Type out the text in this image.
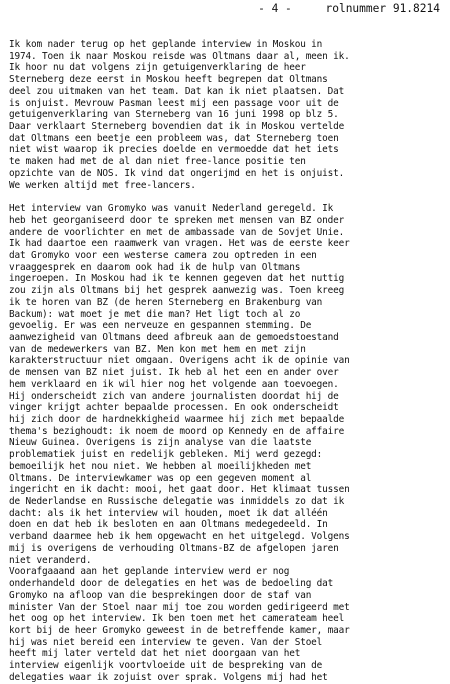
- 4 -	rolnummer 91.8214
Ik kom nader terug op het geplande interview in Moskou in
1974. Toen ik naar Moskou reisde was Oltmans daar al, meen ik.
Ik hoor nu dat volgens zijn getuigenverklaring de heer
Sterneberg deze eerst in Moskou heeft begrepen dat Oltmans
deel zou uitmaken van het team. Dat kan ik niet plaatsen. Dat
is onjuist. Mevrouw Pasman leest mij een passage voor uit de
getuigenverklaring van Sterneberg van 16 juni 1998 op blz 5.
Daar verklaart Sterneberg bovendien dat ik in Moskou vertelde
dat Oltmans een beetje een probleem was, dat Sterneberg toen
niet wist waarop ik precies doelde en vermoedde dat het iets
te maken had met de al dan niet free-lance positie ten
opzichte van de NOS. Ik vind dat ongerijmd en het is onjuist.
We werken altijd met free-lancers.
Het interview van Gromyko was vanuit Nederland geregeld. Ik
heb het georganiseerd door te spreken met mensen van BZ onder
andere de voorlichter en met de ambassade van de Sovjet Unie.
Ik had daartoe een raamwerk van vragen. Het was de eerste keer
dat Gromyko voor een westerse camera zou optreden in een
vraaggesprek en daarom ook had ik de hulp van Oltmans
ingeroepen. In Moskou had ik te kennen gegeven dat het nuttig
zou zijn als Oltmans bij het gesprek aanwezig was. Toen kreeg
ik te horen van BZ (de heren Sterneberg en Brakenburg van
Backum): wat moet je met die man? Het ligt toch al zo
gevoelig. Er was een nerveuze en gespannen stemming. De
aanwezigheid van Oltmans deed afbreuk aan de gemoedstoestand
van de medewerkers van BZ. Men kon met hem en met zijn
karakterstructuur niet omgaan. Overigens acht ik de opinie van
de mensen van BZ niet juist. Ik heb al het een en ander over
hem verklaard en ik wil hier nog het volgende aan toevoegen.
Hij onderscheidt zich van andere journalisten doordat hij de
vinger krijgt achter bepaalde processen. En ook onderscheidt
hij zich door de hardnekkigheid waarmee hij zich met bepaalde
thema's bezighoudt: ik noem de moord op Kennedy en de affaire
Nieuw Guinea. Overigens is zijn analyse van die laatste
problematiek juist en redelijk gebleken. Mij werd gezegd:
bemoeilijk het nou niet. We hebben al moeilijkheden met
Oltmans. De interviewkamer was op een gegeven moment al
ingericht en ik dacht: mooi, het gaat door. Het klimaat tussen
de Nederlandse en Russische delegatie was inmiddels zo dat ik
dacht: als ik het interview wil houden, moet ik dat alléén
doen en dat heb ik besloten en aan Oltmans medegedeeld. In
verband daarmee heb ik hem opgewacht en het uitgelegd. Volgens
mij is overigens de verhouding Oltmans-BZ de afgelopen jaren
niet veranderd.
Voorafgaaand aan het geplande interview werd er nog
onderhandeld door de delegaties en het was de bedoeling dat
Gromyko na afloop van die besprekingen door de staf van
minister Van der Stoel naar mij toe zou worden gedirigeerd met
het oog op het interview. Ik ben toen met het camerateam heel
kort bij de heer Gromyko geweest in de betreffende kamer, maar
hij was niet bereid een interview te geven. Van der Stoel
heeft mij later verteld dat het niet doorgaan van het
interview eigenlijk voortvloeide uit de bespreking van de
delegaties waar ik zojuist over sprak. Volgens mij had het
